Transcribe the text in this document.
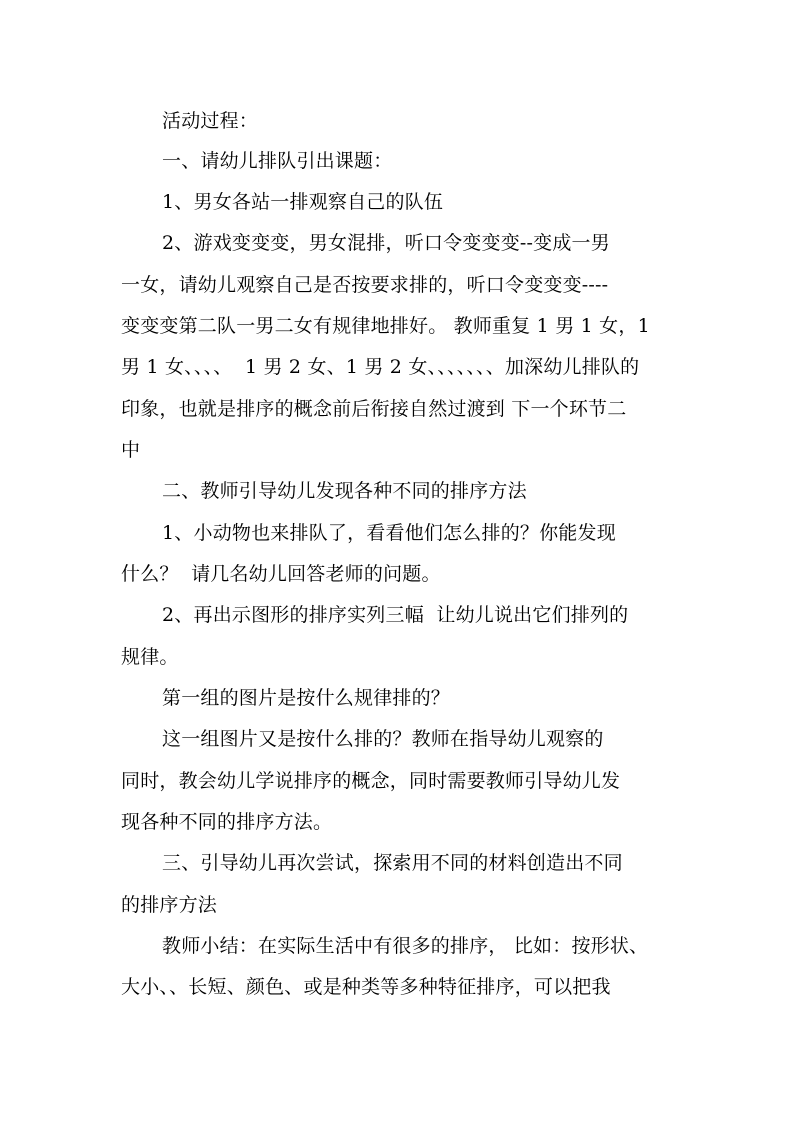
活动过程：
一、请幼儿排队引出课题：
1、男女各站一排观察自己的队伍
2、游戏变变变，男女混排，听口令变变变--变成一男
一女，请幼儿观察自己是否按要求排的，听口令变变变----
变变变第二队一男二女有规律地排好。 教师重复 1 男 1 女，1
男 1 女、、、、  1 男 2 女、1 男 2 女、、、、、、、加深幼儿排队的
印象，也就是排序的概念前后衔接自然过渡到 下一个环节二
中
二、教师引导幼儿发现各种不同的排序方法
1、小动物也来排队了，看看他们怎么排的？你能发现
什么？  请几名幼儿回答老师的问题。
2、再出示图形的排序实列三幅  让幼儿说出它们排列的
规律。
第一组的图片是按什么规律排的？
这一组图片又是按什么排的？教师在指导幼儿观察的
同时，教会幼儿学说排序的概念，同时需要教师引导幼儿发
现各种不同的排序方法。
三、引导幼儿再次尝试，探索用不同的材料创造出不同
的排序方法
教师小结：在实际生活中有很多的排序， 比如：按形状、
大小、、长短、颜色、或是种类等多种特征排序，可以把我
